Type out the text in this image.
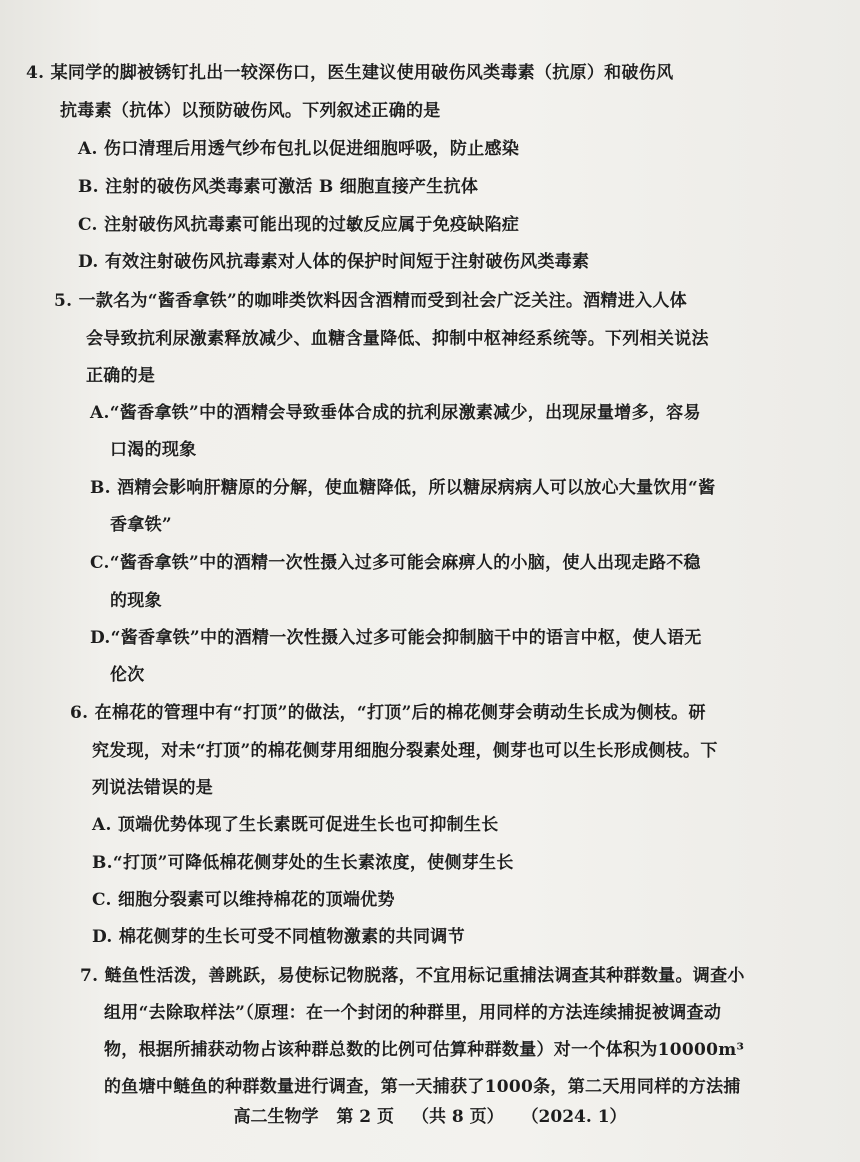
4. 某同学的脚被锈钉扎出一较深伤口，医生建议使用破伤风类毒素（抗原）和破伤风
抗毒素（抗体）以预防破伤风。下列叙述正确的是
A. 伤口清理后用透气纱布包扎以促进细胞呼吸，防止感染
B. 注射的破伤风类毒素可激活 B 细胞直接产生抗体
C. 注射破伤风抗毒素可能出现的过敏反应属于免疫缺陷症
D. 有效注射破伤风抗毒素对人体的保护时间短于注射破伤风类毒素
5. 一款名为“酱香拿铁”的咖啡类饮料因含酒精而受到社会广泛关注。酒精进入人体
会导致抗利尿激素释放减少、血糖含量降低、抑制中枢神经系统等。下列相关说法
正确的是
A.“酱香拿铁”中的酒精会导致垂体合成的抗利尿激素减少，出现尿量增多，容易
口渴的现象
B. 酒精会影响肝糖原的分解，使血糖降低，所以糖尿病病人可以放心大量饮用“酱
香拿铁”
C.“酱香拿铁”中的酒精一次性摄入过多可能会麻痹人的小脑，使人出现走路不稳
的现象
D.“酱香拿铁”中的酒精一次性摄入过多可能会抑制脑干中的语言中枢，使人语无
伦次
6. 在棉花的管理中有“打顶”的做法，“打顶”后的棉花侧芽会萌动生长成为侧枝。研
究发现，对未“打顶”的棉花侧芽用细胞分裂素处理，侧芽也可以生长形成侧枝。下
列说法错误的是
A. 顶端优势体现了生长素既可促进生长也可抑制生长
B.“打顶”可降低棉花侧芽处的生长素浓度，使侧芽生长
C. 细胞分裂素可以维持棉花的顶端优势
D. 棉花侧芽的生长可受不同植物激素的共同调节
7. 鲢鱼性活泼，善跳跃，易使标记物脱落，不宜用标记重捕法调查其种群数量。调查小
组用“去除取样法”（原理：在一个封闭的种群里，用同样的方法连续捕捉被调查动
物，根据所捕获动物占该种群总数的比例可估算种群数量）对一个体积为10000m³
的鱼塘中鲢鱼的种群数量进行调查，第一天捕获了1000条，第二天用同样的方法捕
高二生物学 第 2 页 （共 8 页） （2024. 1）
